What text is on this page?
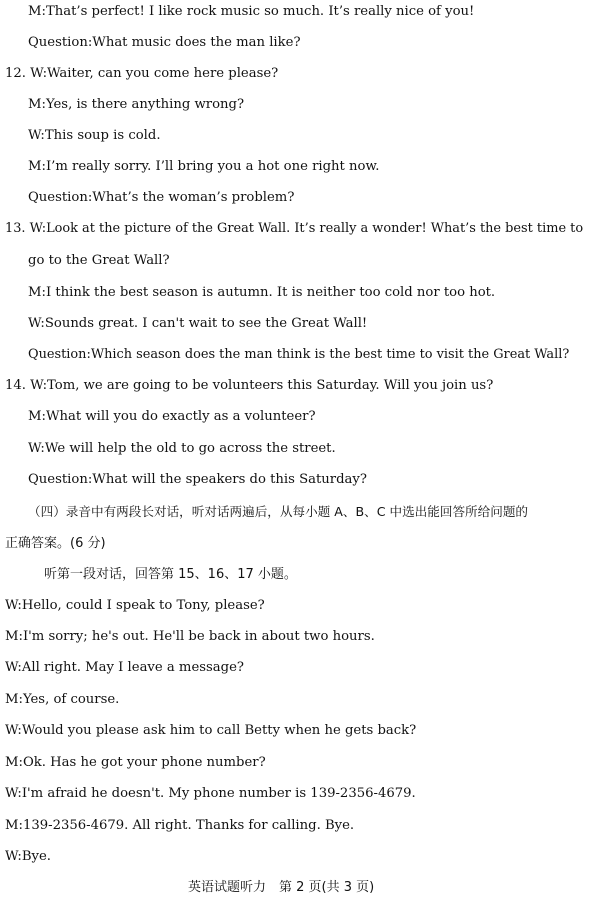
M:That’s perfect! I like rock music so much. It’s really nice of you!
Question:What music does the man like?
12. W:Waiter, can you come here please?
M:Yes, is there anything wrong?
W:This soup is cold.
M:I’m really sorry. I’ll bring you a hot one right now.
Question:What’s the woman’s problem?
13. W:Look at the picture of the Great Wall. It’s really a wonder! What’s the best time to
go to the Great Wall?
M:I think the best season is autumn. It is neither too cold nor too hot.
W:Sounds great. I can't wait to see the Great Wall!
Question:Which season does the man think is the best time to visit the Great Wall?
14. W:Tom, we are going to be volunteers this Saturday. Will you join us?
M:What will you do exactly as a volunteer?
W:We will help the old to go across the street.
Question:What will the speakers do this Saturday?
（四）录音中有两段长对话，听对话两遍后，从每小题 A、B、C 中选出能回答所给问题的
正确答案。(6 分)
听第一段对话，回答第 15、16、17 小题。
W:Hello, could I speak to Tony, please?
M:I'm sorry; he's out. He'll be back in about two hours.
W:All right. May I leave a message?
M:Yes, of course.
W:Would you please ask him to call Betty when he gets back?
M:Ok. Has he got your phone number?
W:I'm afraid he doesn't. My phone number is 139-2356-4679.
M:139-2356-4679. All right. Thanks for calling. Bye.
W:Bye.
英语试题听力　第 2 页(共 3 页)
